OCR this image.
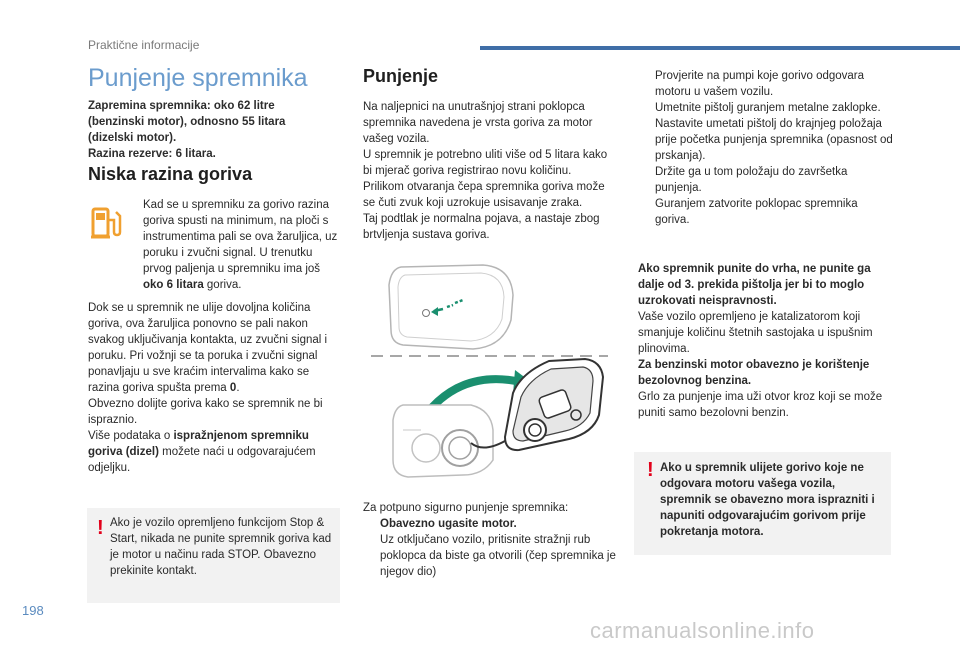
Praktične informacije
Punjenje spremnika
Zapremina spremnika: oko 62 litre
(benzinski motor), odnosno 55 litara
(dizelski motor).
Razina rezerve: 6 litara.
Niska razina goriva
Kad se u spremniku za gorivo razina goriva spusti na minimum, na ploči s instrumentima pali se ova žaruljica, uz poruku i zvučni signal. U trenutku prvog paljenja u spremniku ima još oko 6 litara goriva.

Dok se u spremnik ne ulije dovoljna količina goriva, ova žaruljica ponovno se pali nakon svakog uključivanja kontakta, uz zvučni signal i poruku. Pri vožnji se ta poruka i zvučni signal ponavljaju u sve kraćim intervalima kako se razina goriva spušta prema 0.

Obvezno dolijte goriva kako se spremnik ne bi ispraznio.

Više podataka o ispražnjenom spremniku goriva (dizel) možete naći u odgovarajućem odjeljku.

! Ako je vozilo opremljeno funkcijom Stop & Start, nikada ne punite spremnik goriva kad je motor u načinu rada STOP. Obavezno prekinite kontakt.
Punjenje

Na naljepnici na unutrašnjoj strani poklopca spremnika navedena je vrsta goriva za motor vašeg vozila.

U spremnik je potrebno uliti više od 5 litara kako bi mjerač goriva registrirao novu količinu.

Prilikom otvaranja čepa spremnika goriva može se čuti zvuk koji uzrokuje usisavanje zraka.

Taj podtlak je normalna pojava, a nastaje zbog brtvljenja sustava goriva.

Za potpuno sigurno punjenje spremnika:

Obavezno ugasite motor.
Uz otključano vozilo, pritisnite stražnji rub poklopca da biste ga otvorili (čep spremnika je njegov dio)
Provjerite na pumpi koje gorivo odgovara motoru u vašem vozilu.
Umetnite pištolj guranjem metalne zaklopke.
Nastavite umetati pištolj do krajnjeg položaja prije početka punjenja spremnika (opasnost od prskanja).
Držite ga u tom položaju do završetka punjenja.
Guranjem zatvorite poklopac spremnika goriva.

Ako spremnik punite do vrha, ne punite ga dalje od 3. prekida pištolja jer bi to moglo uzrokovati neispravnosti.

Vaše vozilo opremljeno je katalizatorom koji smanjuje količinu štetnih sastojaka u ispušnim plinovima.

Za benzinski motor obavezno je korištenje bezolovnog benzina.

Grlo za punjenje ima uži otvor kroz koji se može puniti samo bezolovni benzin.

! Ako u spremnik ulijete gorivo koje ne odgovara motoru vašega vozila, spremnik se obavezno mora isprazniti i napuniti odgovarajućim gorivom prije pokretanja motora.
198
carmanualsonline.info
